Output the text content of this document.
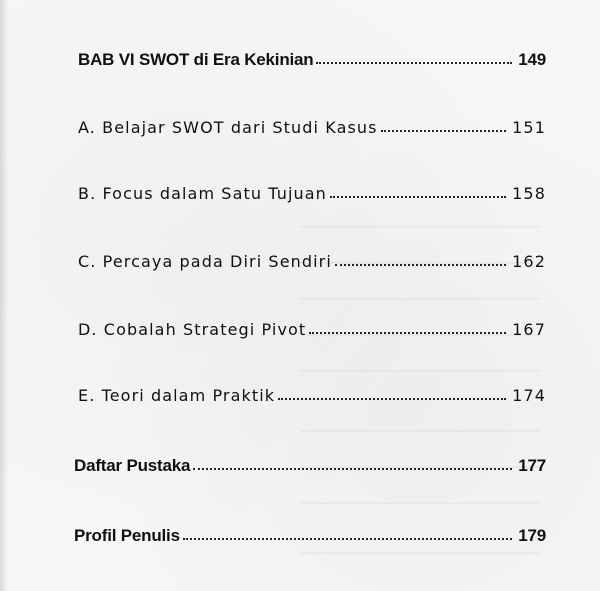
BAB VI SWOT di Era Kekinian	149
A. Belajar SWOT dari Studi Kasus	151
B. Focus dalam Satu Tujuan	158
C. Percaya pada Diri Sendiri	162
D. Cobalah Strategi Pivot	167
E. Teori dalam Praktik	174
Daftar Pustaka	177
Profil Penulis	179
